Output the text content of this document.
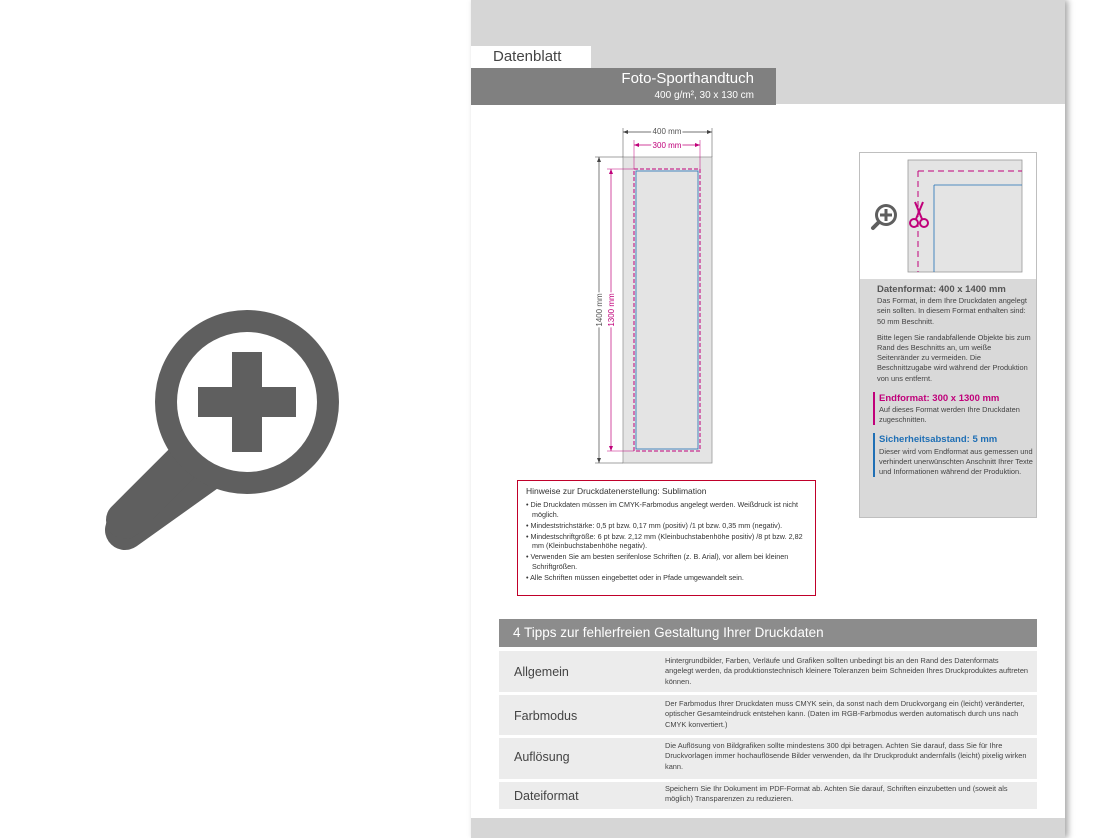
Datenblatt
Foto-Sporthandtuch
400 g/m², 30 x 130 cm
400 mm
300 mm
1400 mm 1300 mm
Hinweise zur Druckdatenerstellung: Sublimation
• Die Druckdaten müssen im CMYK-Farbmodus angelegt werden. Weißdruck ist nicht möglich.
• Mindeststrichstärke: 0,5 pt bzw. 0,17 mm (positiv) /1 pt bzw. 0,35 mm (negativ).
• Mindestschriftgröße: 6 pt bzw. 2,12 mm (Kleinbuchstabenhöhe positiv) /8 pt bzw. 2,82 mm (Kleinbuchstabenhöhe negativ).
• Verwenden Sie am besten serifenlose Schriften (z. B. Arial), vor allem bei kleinen Schriftgrößen.
• Alle Schriften müssen eingebettet oder in Pfade umgewandelt sein.

Datenformat: 400 x 1400 mm

Das Format, in dem Ihre Druckdaten angelegt sein sollten. In diesem Format enthalten sind: 50 mm Beschnitt.

Bitte legen Sie randabfallende Objekte bis zum Rand des Beschnitts an, um weiße Seitenränder zu vermeiden. Die Beschnittzugabe wird während der Produktion von uns entfernt.

Endformat: 300 x 1300 mm

Auf dieses Format werden Ihre Druckdaten zugeschnitten.

Sicherheitsabstand: 5 mm

Dieser wird vom Endformat aus gemessen und verhindert unerwünschten Anschnitt Ihrer Texte und Informationen während der Produktion.

4 Tipps zur fehlerfreien Gestaltung Ihrer Druckdaten
Allgemein
Hintergrundbilder, Farben, Verläufe und Grafiken sollten unbedingt bis an den Rand des Datenformats angelegt werden, da produktionstechnisch kleinere Toleranzen beim Schneiden Ihres Druckproduktes auftreten können.
Farbmodus
Der Farbmodus Ihrer Druckdaten muss CMYK sein, da sonst nach dem Druckvorgang ein (leicht) veränderter, optischer Gesamteindruck entstehen kann. (Daten im RGB-Farbmodus werden automatisch durch uns nach CMYK konvertiert.)
Auflösung
Die Auflösung von Bildgrafiken sollte mindestens 300 dpi betragen. Achten Sie darauf, dass Sie für Ihre Druckvorlagen immer hochauflösende Bilder verwenden, da Ihr Druckprodukt andernfalls (leicht) pixelig wirken kann.
Dateiformat
Speichern Sie Ihr Dokument im PDF-Format ab. Achten Sie darauf, Schriften einzubetten und (soweit als möglich) Transparenzen zu reduzieren.
